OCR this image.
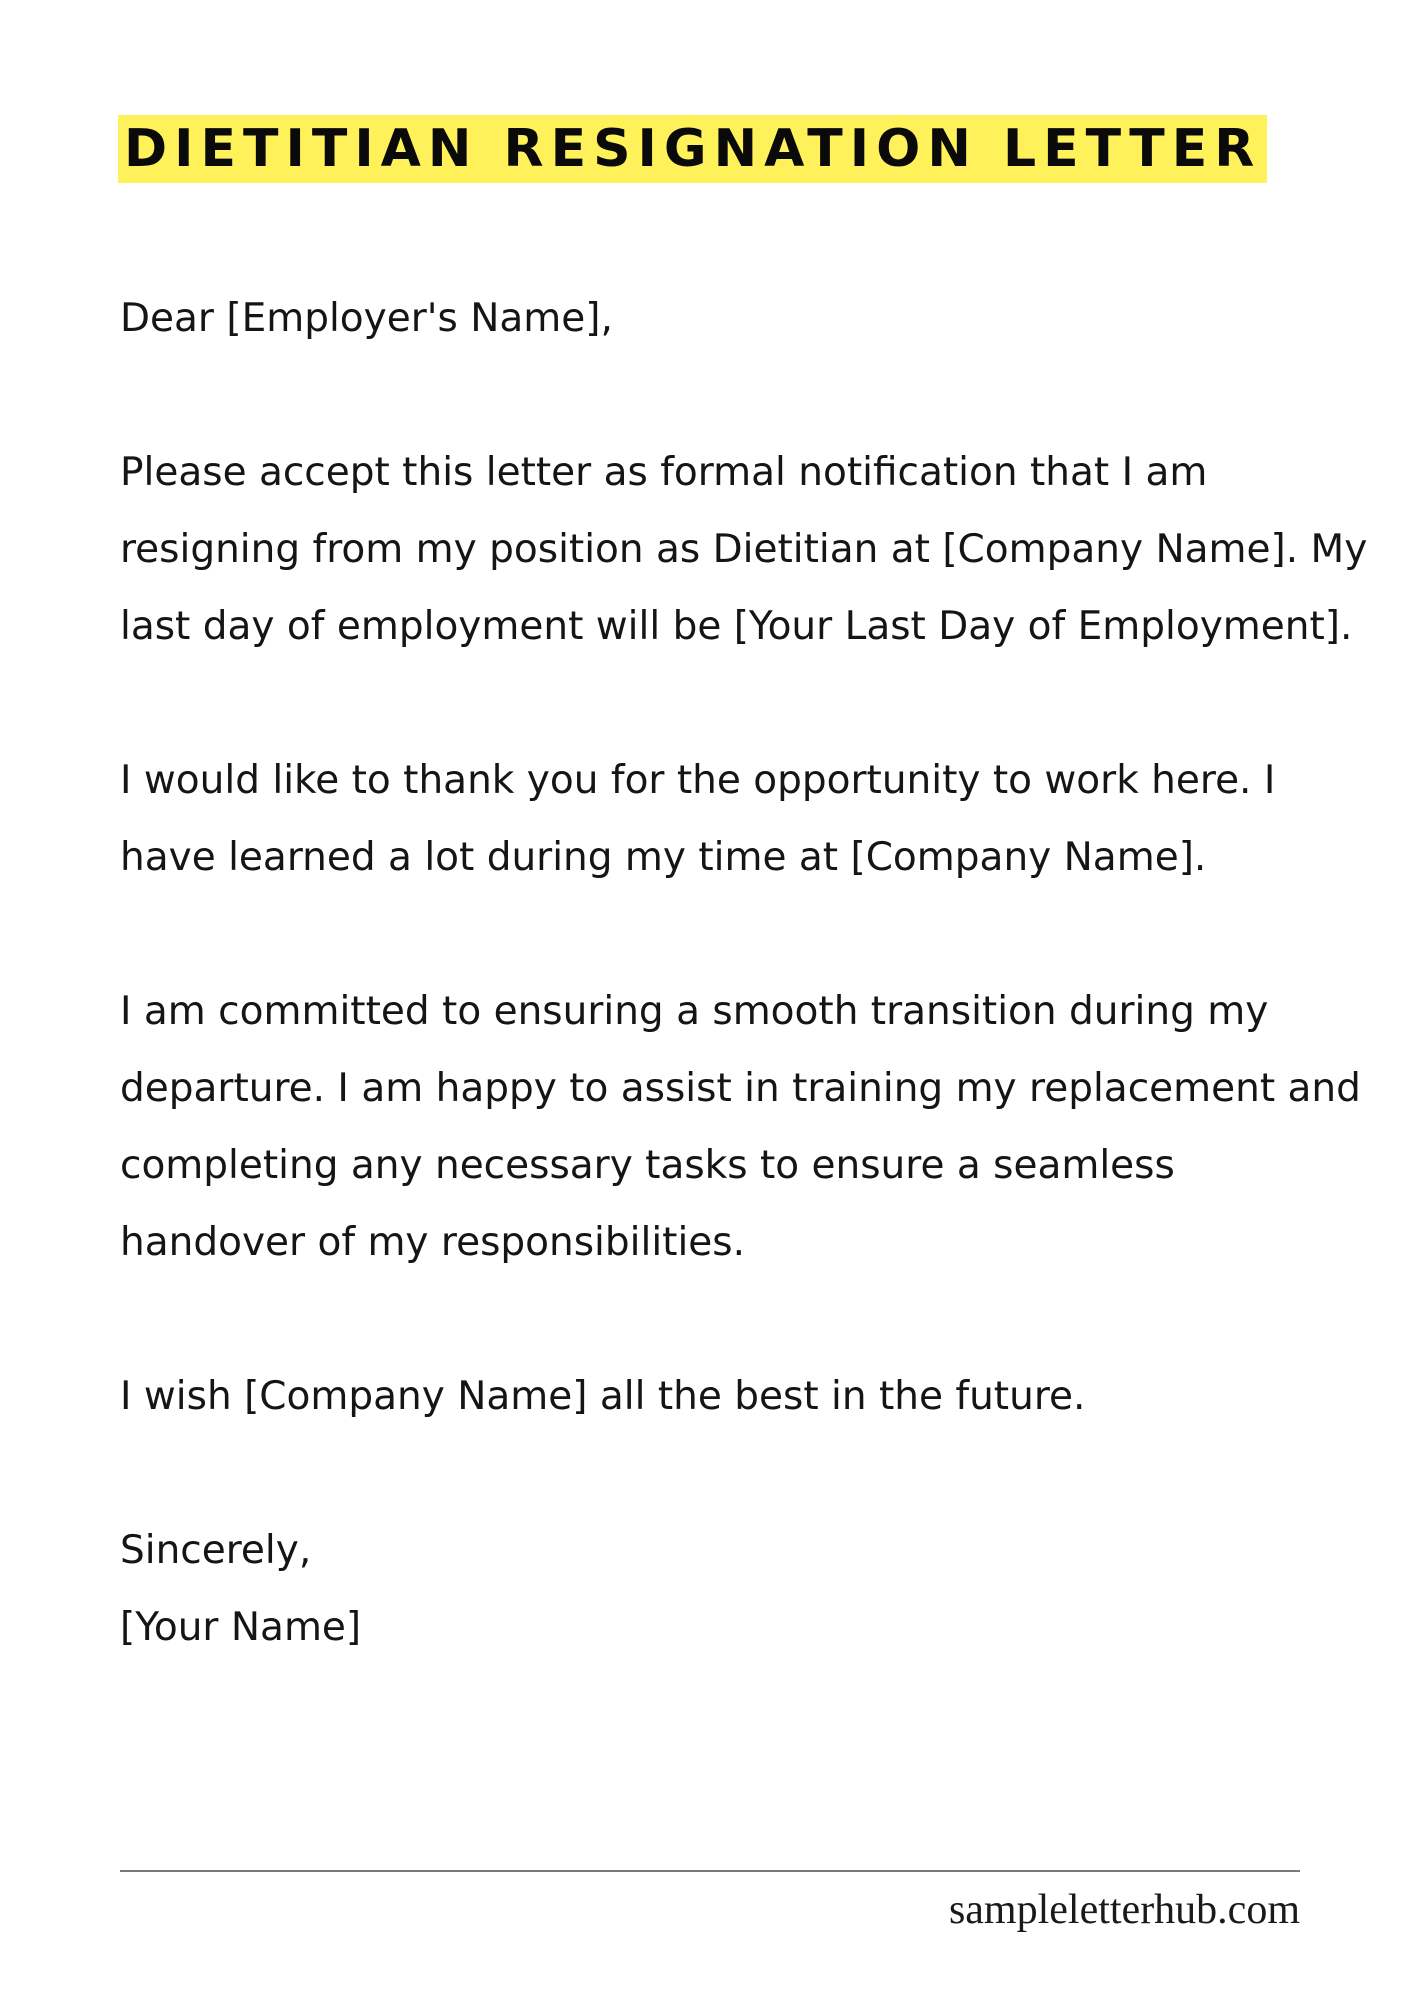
DIETITIAN RESIGNATION LETTER

Dear [Employer's Name],

Please accept this letter as formal notification that I am resigning from my position as Dietitian at [Company Name]. My last day of employment will be [Your Last Day of Employment].

I would like to thank you for the opportunity to work here. I have learned a lot during my time at [Company Name].

I am committed to ensuring a smooth transition during my departure. I am happy to assist in training my replacement and completing any necessary tasks to ensure a seamless handover of my responsibilities.

I wish [Company Name] all the best in the future.

Sincerely,

[Your Name]

sampleletterhub.com
